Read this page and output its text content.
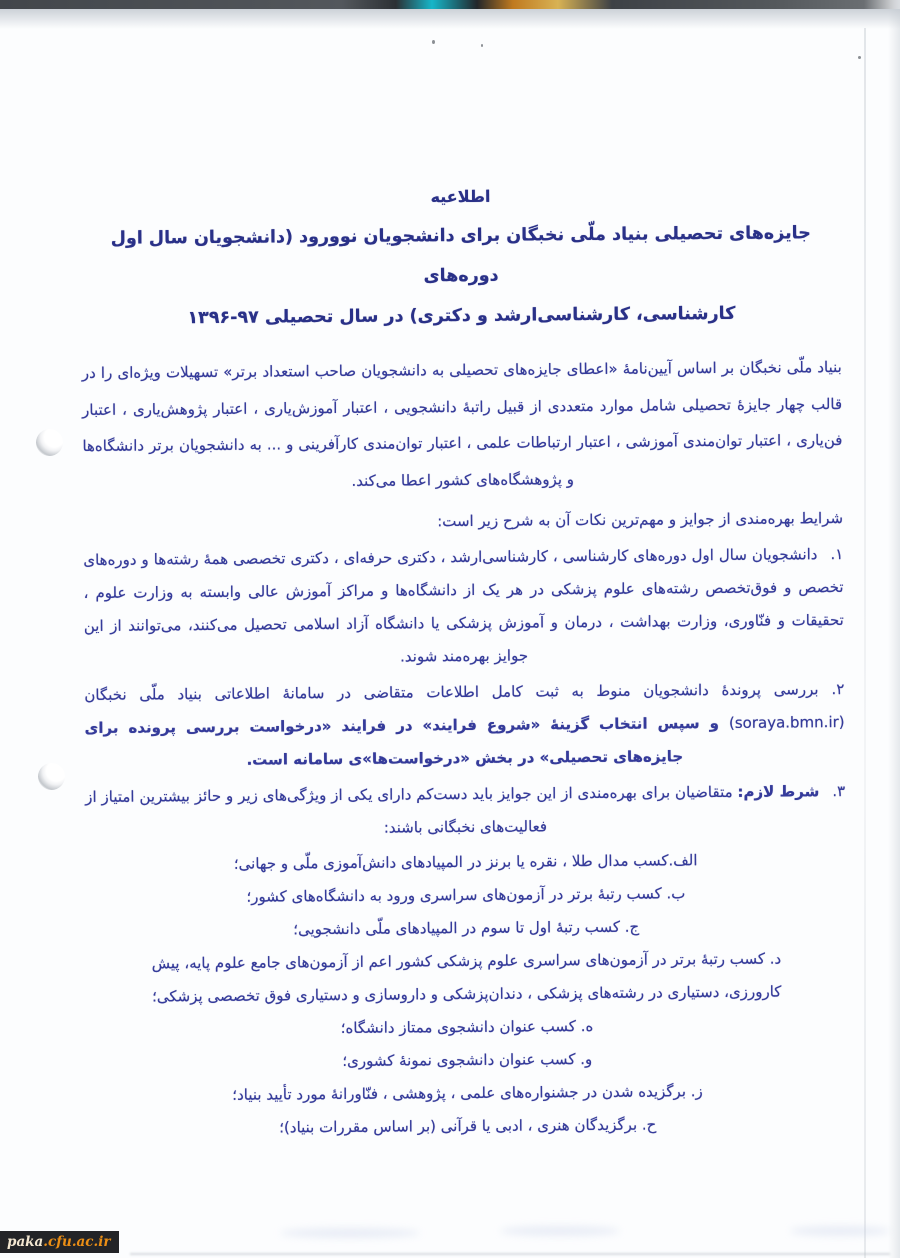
اطلاعیه

جایزه‌های تحصیلی بنیاد ملّی نخبگان برای دانشجویان نوورود (دانشجویان سال اول دوره‌های
کارشناسی، کارشناسی‌ارشد و دکتری) در سال تحصیلی ۹۷-۱۳۹۶

بنیاد ملّی نخبگان بر اساس آیین‌نامهٔ «اعطای جایزه‌های تحصیلی به دانشجویان صاحب استعداد برتر» تسهیلات ویژه‌ای را در قالب چهار جایزهٔ تحصیلی شامل موارد متعددی از قبیل راتبهٔ دانشجویی ، اعتبار آموزش‌یاری ، اعتبار پژوهش‌یاری ، اعتبار فن‌یاری ، اعتبار توان‌مندی آموزشی ، اعتبار ارتباطات علمی ، اعتبار توان‌مندی کارآفرینی و ... به دانشجویان برتر دانشگاه‌ها و پژوهشگاه‌های کشور اعطا می‌کند.

شرایط بهره‌مندی از جوایز و مهم‌ترین نکات آن به شرح زیر است:

۱.دانشجویان سال اول دوره‌های کارشناسی ، کارشناسی‌ارشد ، دکتری حرفه‌ای ، دکتری تخصصی همهٔ رشته‌ها و دوره‌های تخصص و فوق‌تخصص رشته‌های علوم پزشکی در هر یک از دانشگاه‌ها و مراکز آموزش عالی وابسته به وزارت علوم ، تحقیقات و فنّاوری، وزارت بهداشت ، درمان و آموزش پزشکی یا دانشگاه آزاد اسلامی تحصیل می‌کنند، می‌توانند از این جوایز بهره‌مند شوند.

۲.بررسی پروندهٔ دانشجویان منوط به ثبت کامل اطلاعات متقاضی در سامانهٔ اطلاعاتی بنیاد ملّی نخبگان (soraya.bmn.ir) و سپس انتخاب گزینهٔ «شروع فرایند» در فرایند «درخواست بررسی پرونده برای جایزه‌های تحصیلی» در بخش «درخواست‌ها»ی سامانه است.

۳.شرط لازم: متقاضیان برای بهره‌مندی از این جوایز باید دست‌کم دارای یکی از ویژگی‌های زیر و حائز بیشترین امتیاز از فعالیت‌های نخبگانی باشند:

الف.کسب مدال طلا ، نقره یا برنز در المپیادهای دانش‌آموزی ملّی و جهانی؛

ب. کسب رتبهٔ برتر در آزمون‌های سراسری ورود به دانشگاه‌های کشور؛

ج. کسب رتبهٔ اول تا سوم در المپیادهای ملّی دانشجویی؛

د. کسب رتبهٔ برتر در آزمون‌های سراسری علوم پزشکی کشور اعم از آزمون‌های جامع علوم پایه، پیش کارورزی، دستیاری در رشته‌های پزشکی ، دندان‌پزشکی و داروسازی و دستیاری فوق تخصصی پزشکی؛

ه. کسب عنوان دانشجوی ممتاز دانشگاه؛

و. کسب عنوان دانشجوی نمونهٔ کشوری؛

ز. برگزیده شدن در جشنواره‌های علمی ، پژوهشی ، فنّاورانهٔ مورد تأیید بنیاد؛

ح. برگزیدگان هنری ، ادبی یا قرآنی (بر اساس مقررات بنیاد)؛

paka .cfu.ac.ir
